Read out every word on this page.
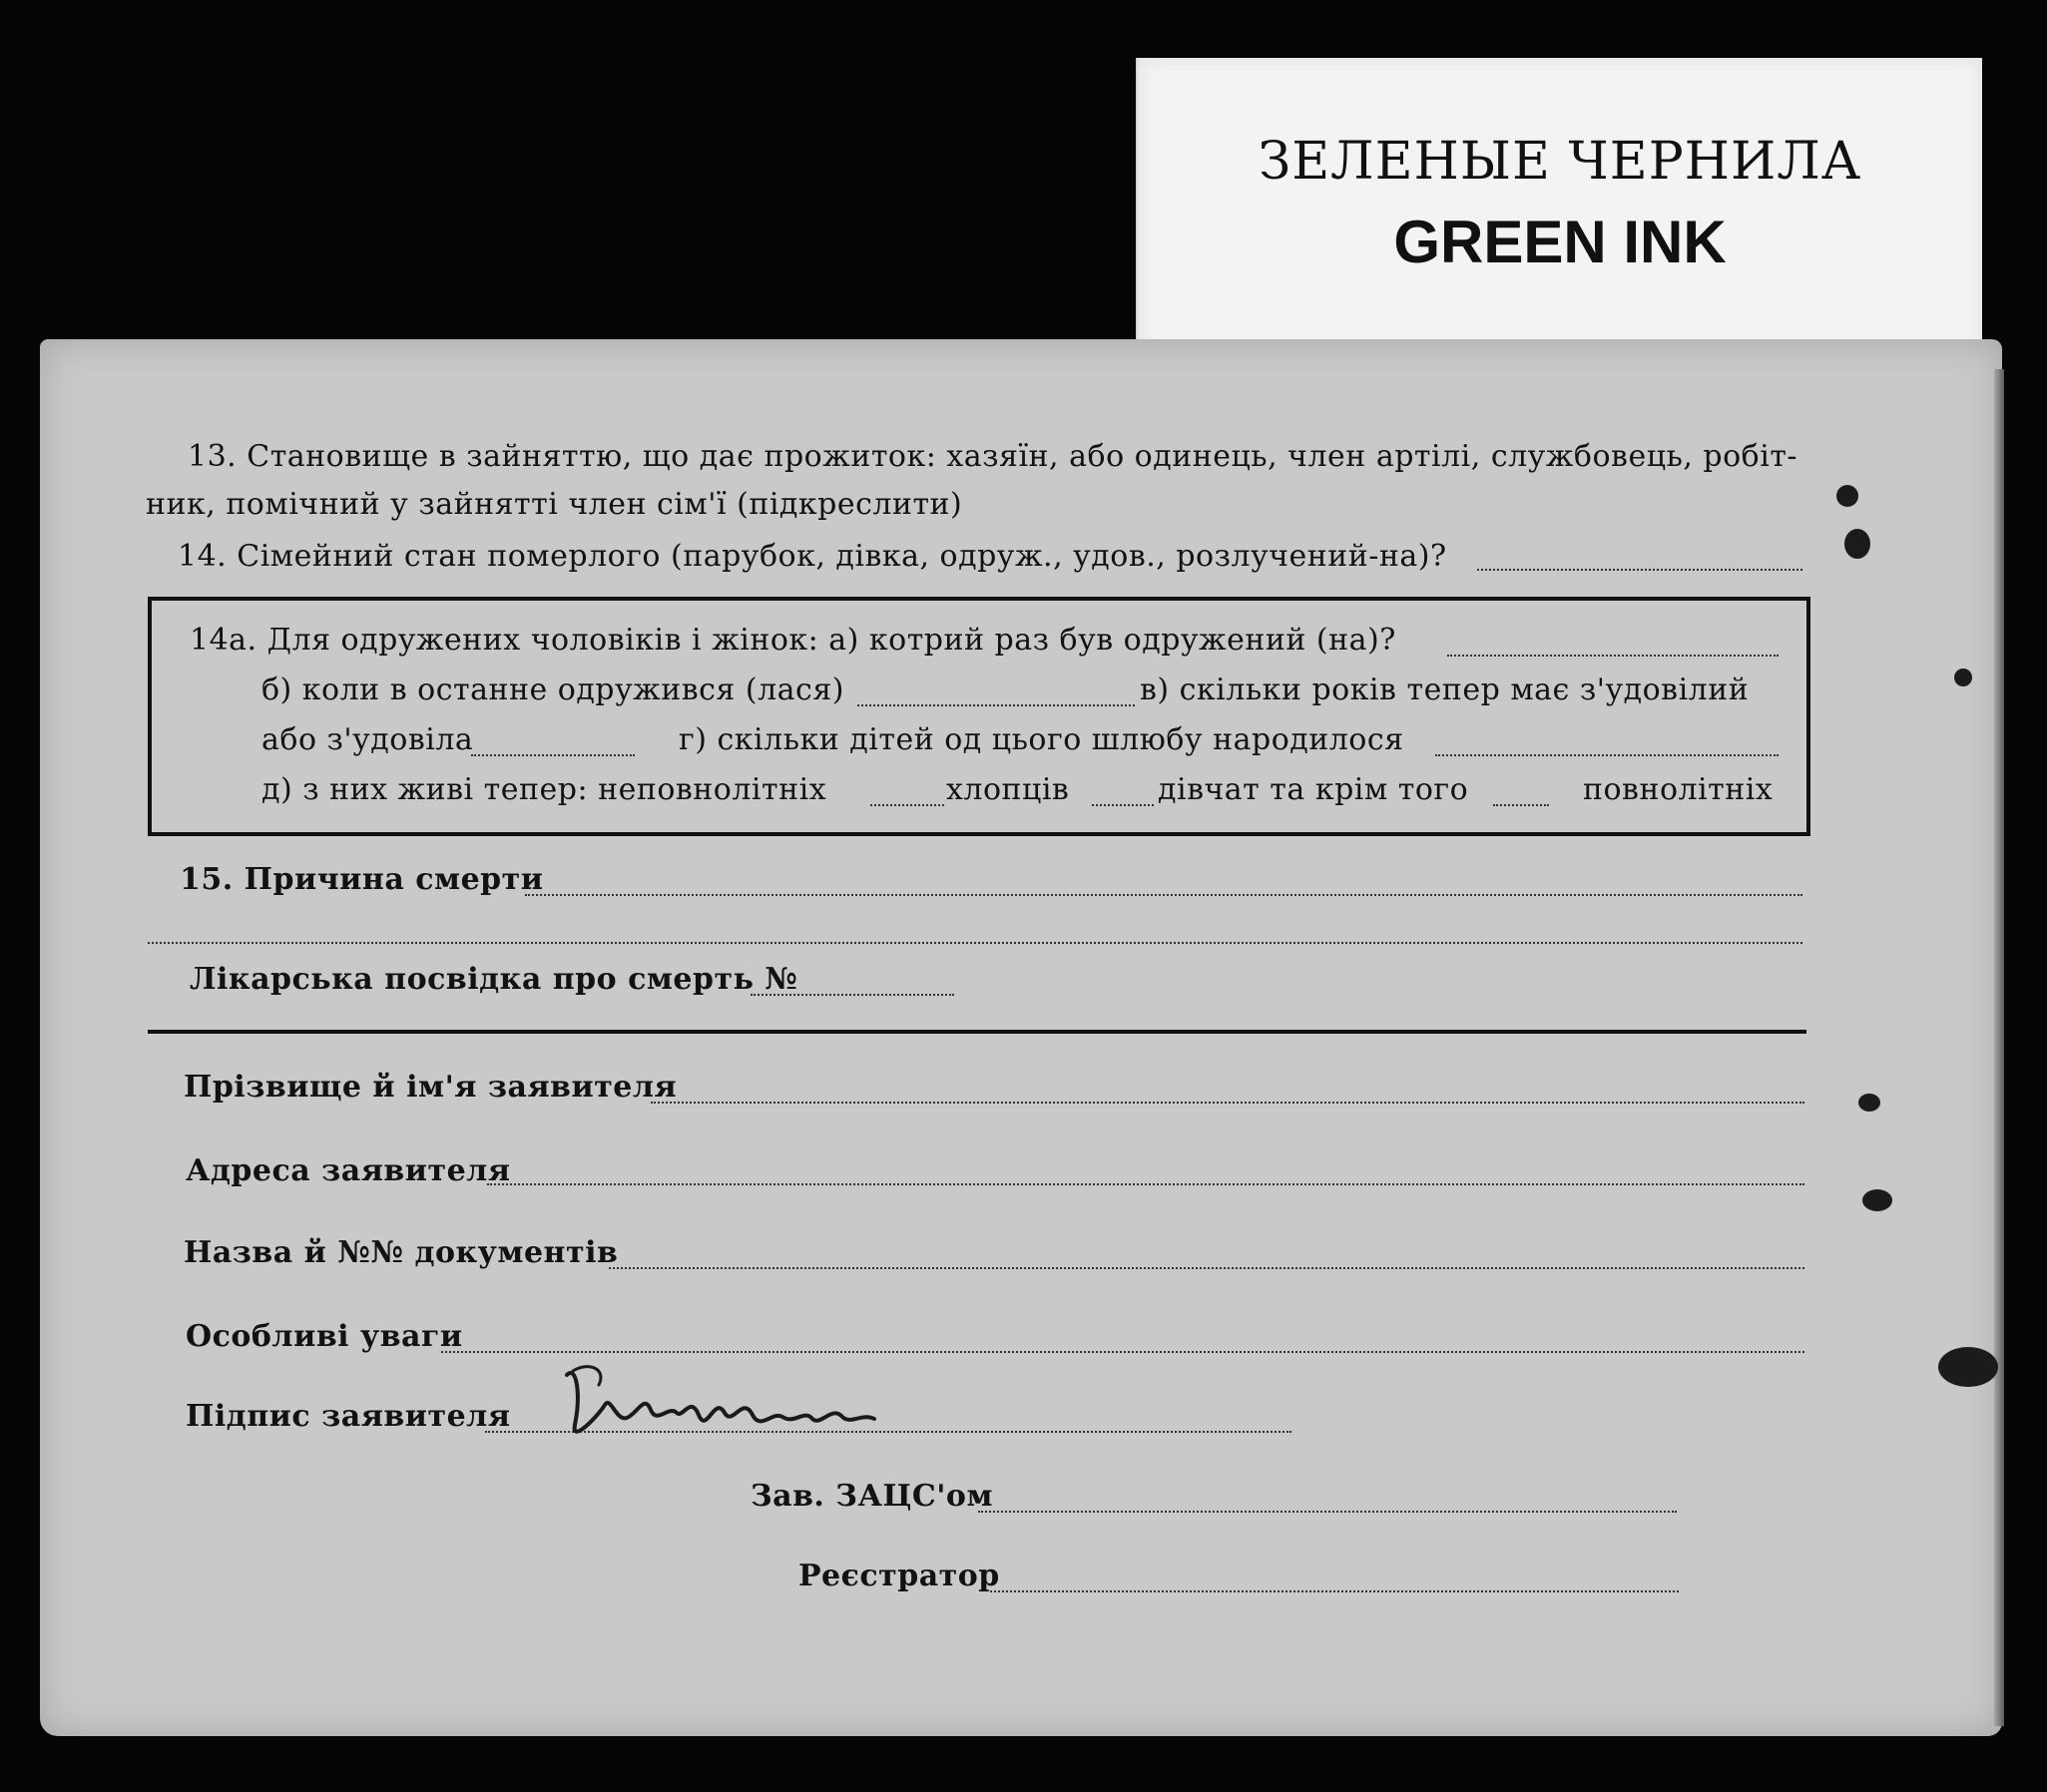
ЗЕЛЕНЫЕ ЧЕРНИЛА
GREEN INK
13. Становище в зайняттю, що дає прожиток: хазяїн, або одинець, член артілі, службовець, робіт-
ник, помічний у зайнятті член сім'ї (підкреслити)
14. Сімейний стан померлого (парубок, дівка, одруж., удов., розлучений-на)?
14а. Для одружених чоловіків і жінок: а) котрий раз був одружений (на)?
б) коли в останне одружився (лася)	в) скільки років тепер має з'удовілий
або з'удовіла	г) скільки дітей од цього шлюбу народилося
д) з них живі тепер: неповнолітніх	хлопців	дівчат та крім того	повнолітніх
15. Причина смерти
Лікарська посвідка про смерть №
Прізвище й ім'я заявителя
Адреса заявителя
Назва й №№ документів
Особливі уваги
Підпис заявителя
Зав. ЗАЦС'ом
Реєстратор
